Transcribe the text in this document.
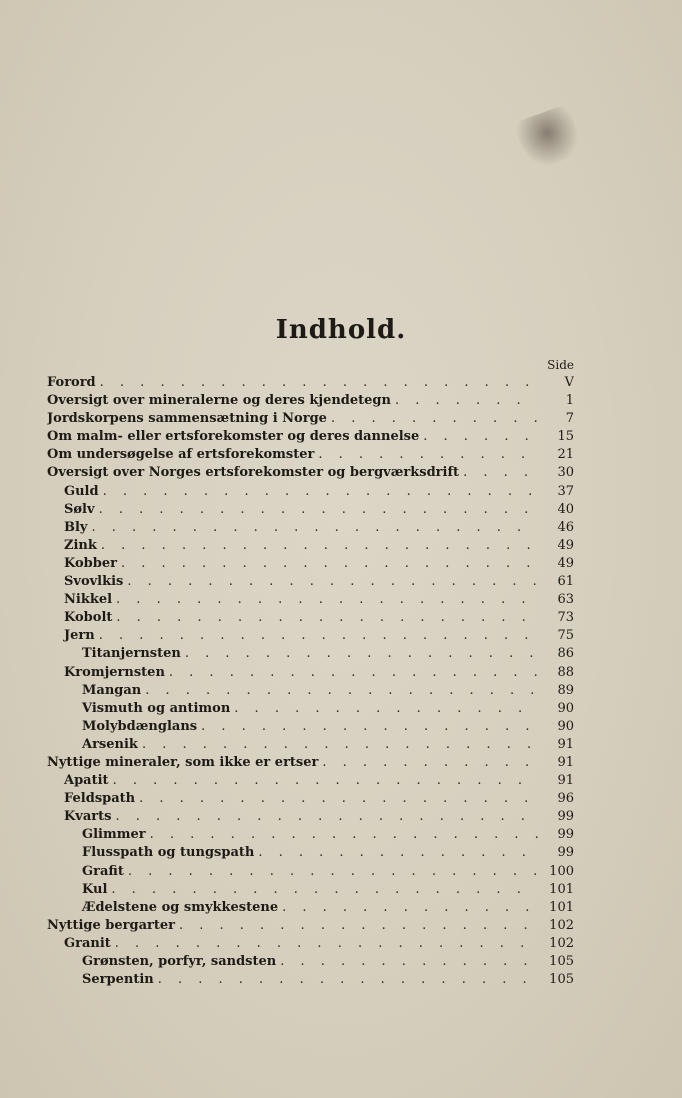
Indhold.
Side
Forord . . .	V
Oversigt over mineralerne og deres kjendetegn . . .	1
Jordskorpens sammensætning i Norge . . .	7
Om malm- eller ertsforekomster og deres dannelse . . .	15
Om undersøgelse af ertsforekomster . . .	21
Oversigt over Norges ertsforekomster og bergværksdrift . . .	30
Guld . . .	37
Sølv . . .	40
Bly . . .	46
Zink . . .	49
Kobber . . .	49
Svovlkis . . .	61
Nikkel . . .	63
Kobolt . . .	73
Jern . . .	75
Titanjernsten . . .	86
Kromjernsten . . .	88
Mangan . . .	89
Vismuth og antimon . . .	90
Molybdænglans . . .	90
Arsenik . . .	91
Nyttige mineraler, som ikke er ertser . . .	91
Apatit . . .	91
Feldspath . . .	96
Kvarts . . .	99
Glimmer . . .	99
Flusspath og tungspath . . .	99
Grafit . . .	100
Kul . . .	101
Ædelstene og smykkestene . . .	101
Nyttige bergarter . . .	102
Granit . . .	102
Grønsten, porfyr, sandsten . . .	105
Serpentin . . .	105
